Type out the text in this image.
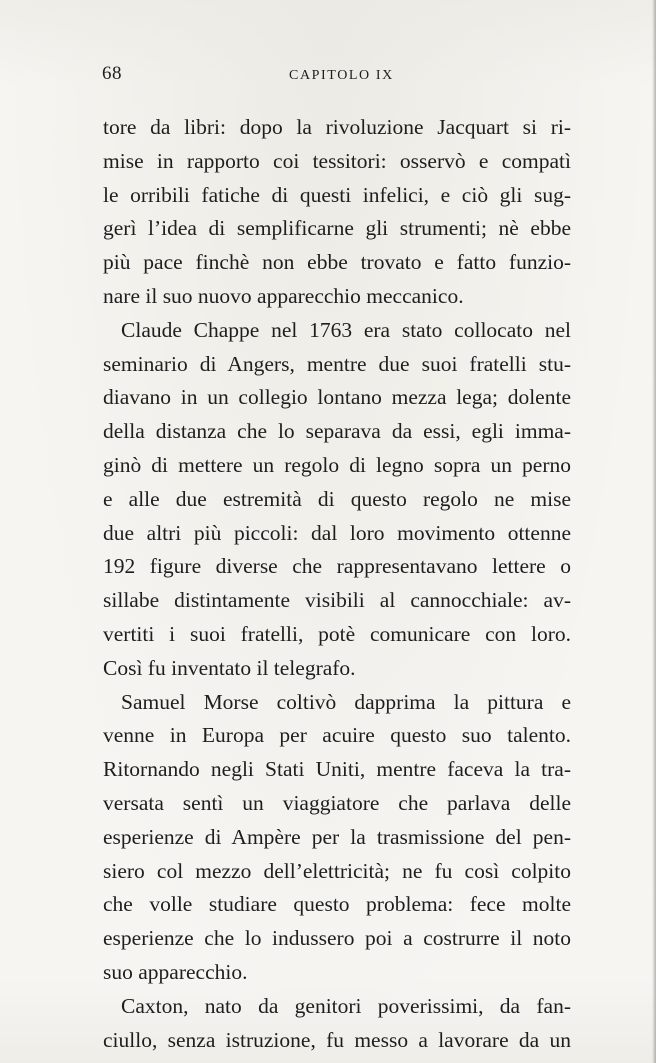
68	CAPITOLO IX
tore da libri: dopo la rivoluzione Jacquart si ri-
mise in rapporto coi tessitori: osservò e compatì
le orribili fatiche di questi infelici, e ciò gli sug-
gerì l’idea di semplificarne gli strumenti; nè ebbe
più pace finchè non ebbe trovato e fatto funzio-
nare il suo nuovo apparecchio meccanico.
Claude Chappe nel 1763 era stato collocato nel
seminario di Angers, mentre due suoi fratelli stu-
diavano in un collegio lontano mezza lega; dolente
della distanza che lo separava da essi, egli imma-
ginò di mettere un regolo di legno sopra un perno
e alle due estremità di questo regolo ne mise
due altri più piccoli: dal loro movimento ottenne
192 figure diverse che rappresentavano lettere o
sillabe distintamente visibili al cannocchiale: av-
vertiti i suoi fratelli, potè comunicare con loro.
Così fu inventato il telegrafo.
Samuel Morse coltivò dapprima la pittura e
venne in Europa per acuire questo suo talento.
Ritornando negli Stati Uniti, mentre faceva la tra-
versata sentì un viaggiatore che parlava delle
esperienze di Ampère per la trasmissione del pen-
siero col mezzo dell’elettricità; ne fu così colpito
che volle studiare questo problema: fece molte
esperienze che lo indussero poi a costrurre il noto
suo apparecchio.
Caxton, nato da genitori poverissimi, da fan-
ciullo, senza istruzione, fu messo a lavorare da un
